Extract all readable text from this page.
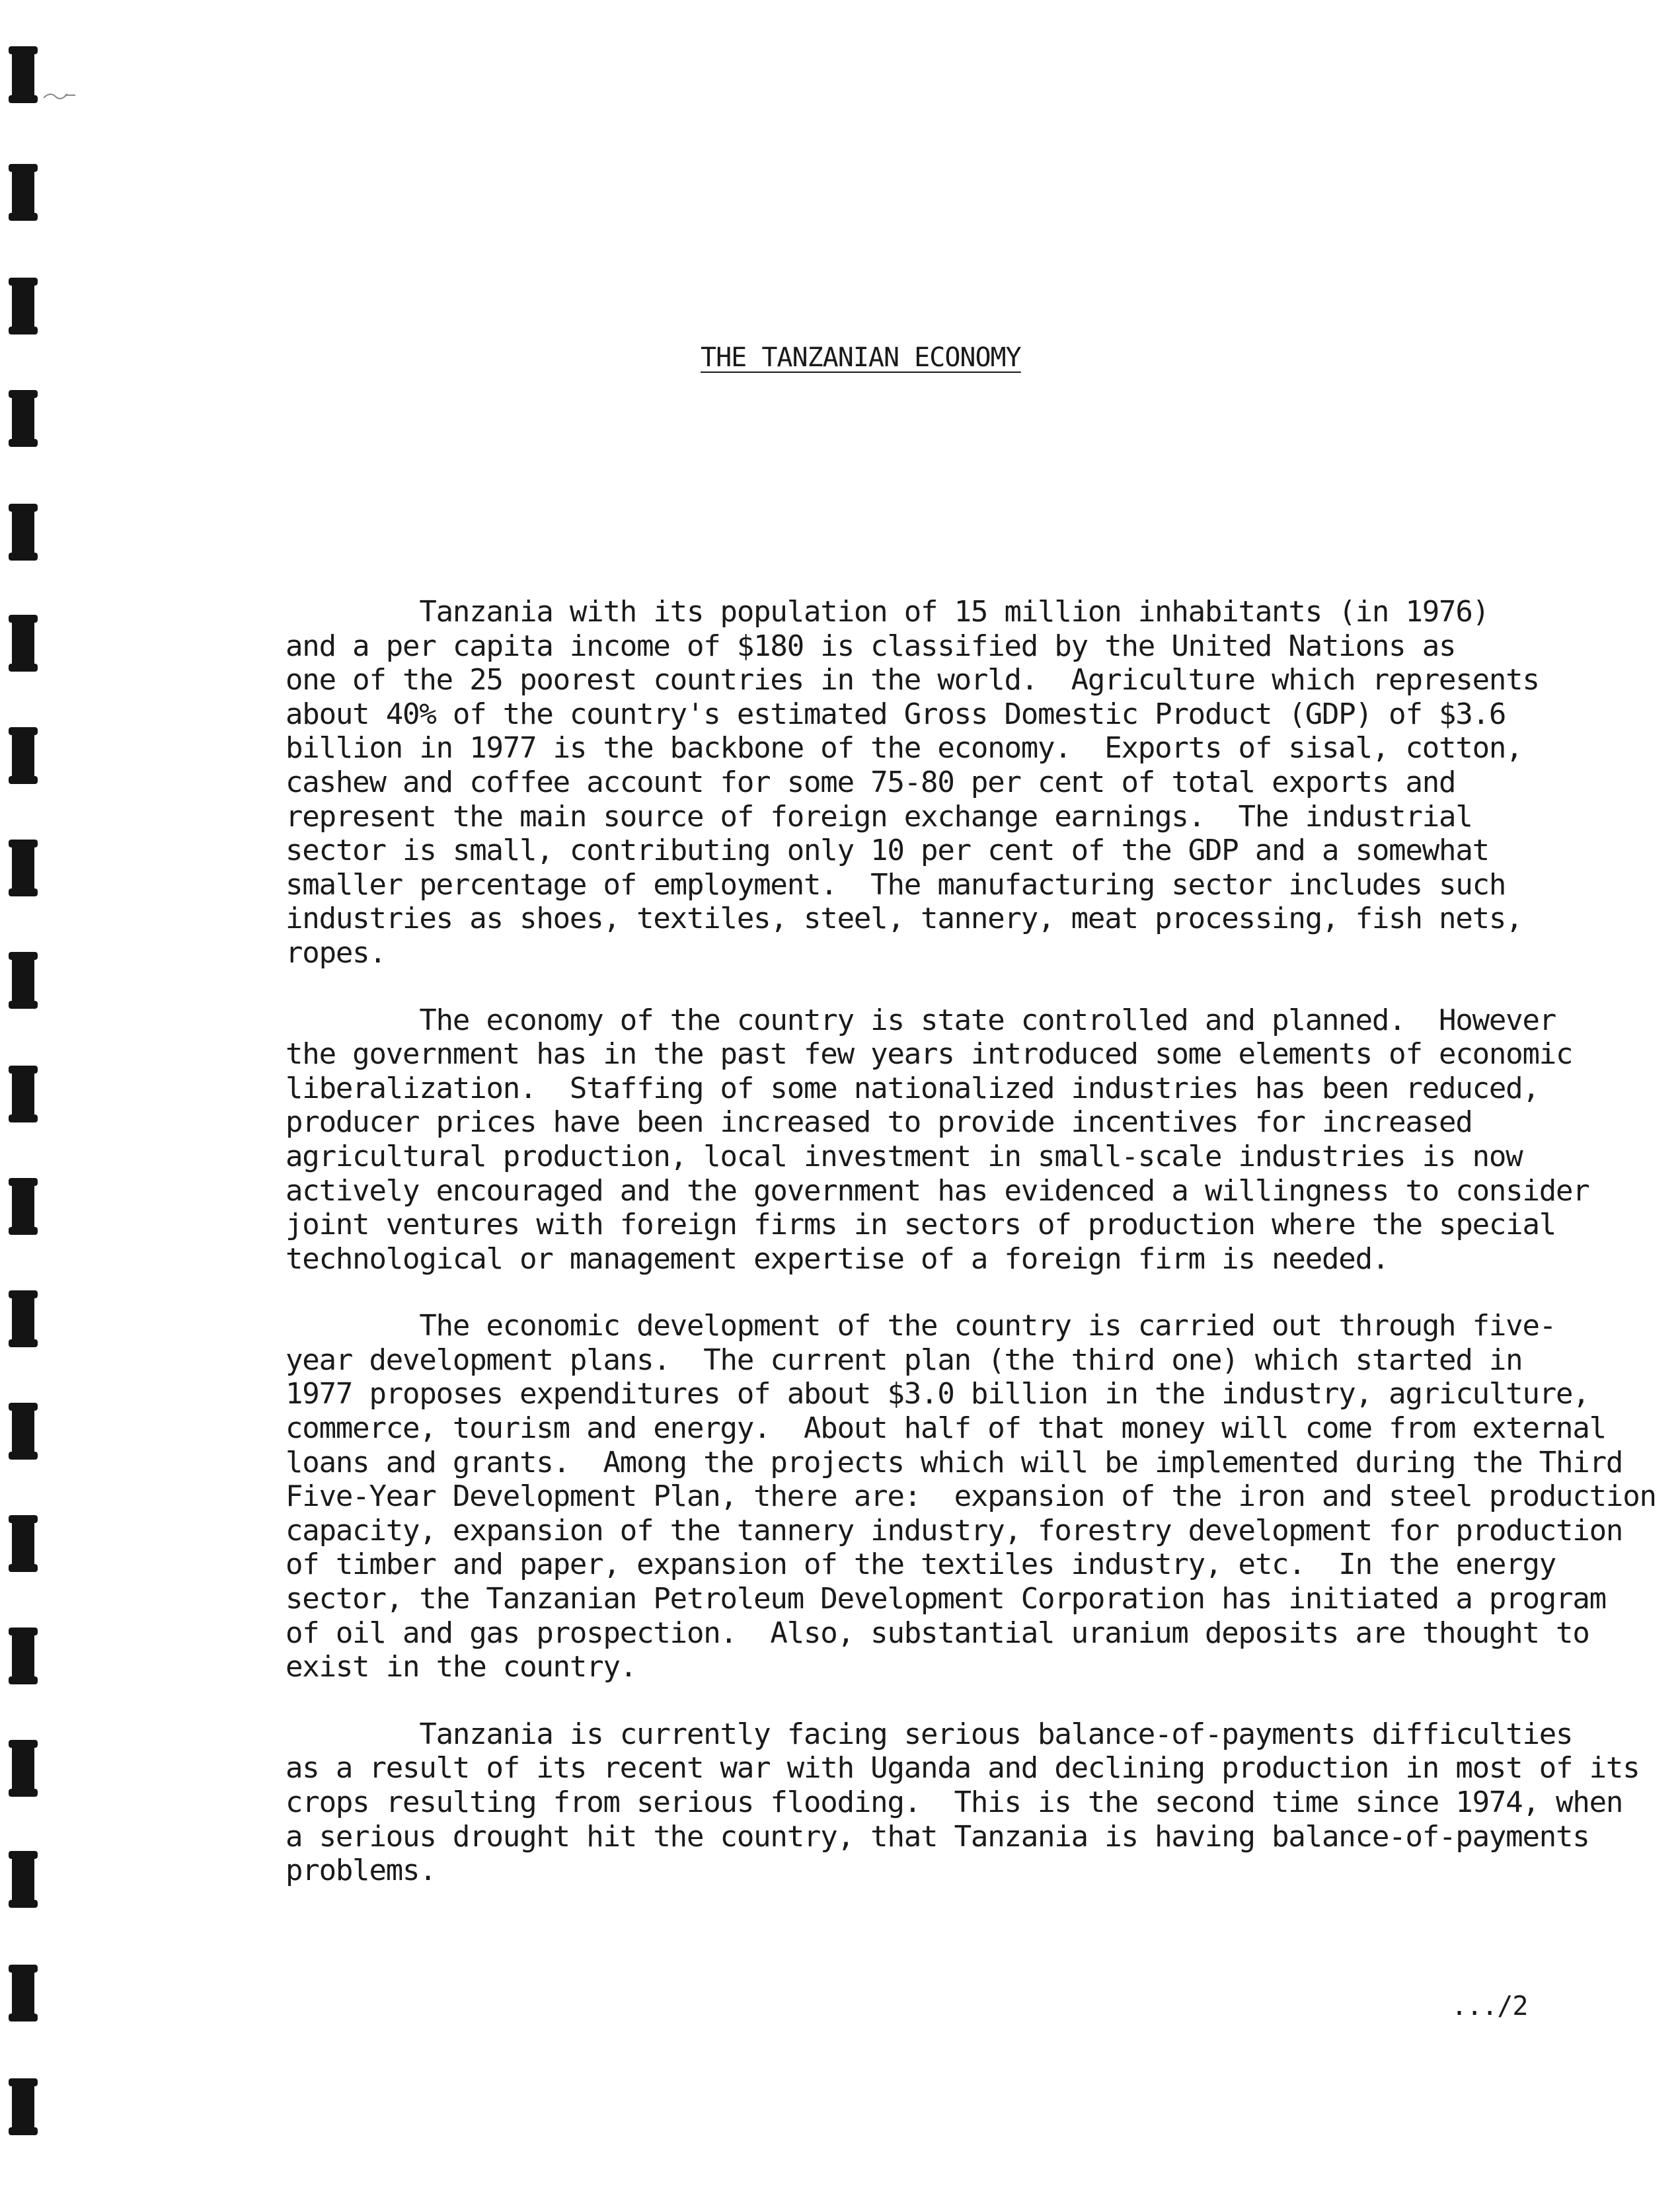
THE TANZANIAN ECONOMY
Tanzania with its population of 15 million inhabitants (in 1976)
and a per capita income of $180 is classified by the United Nations as
one of the 25 poorest countries in the world.  Agriculture which represents
about 40% of the country's estimated Gross Domestic Product (GDP) of $3.6
billion in 1977 is the backbone of the economy.  Exports of sisal, cotton,
cashew and coffee account for some 75-80 per cent of total exports and
represent the main source of foreign exchange earnings.  The industrial
sector is small, contributing only 10 per cent of the GDP and a somewhat
smaller percentage of employment.  The manufacturing sector includes such
industries as shoes, textiles, steel, tannery, meat processing, fish nets,
ropes.
The economy of the country is state controlled and planned.  However
the government has in the past few years introduced some elements of economic
liberalization.  Staffing of some nationalized industries has been reduced,
producer prices have been increased to provide incentives for increased
agricultural production, local investment in small-scale industries is now
actively encouraged and the government has evidenced a willingness to consider
joint ventures with foreign firms in sectors of production where the special
technological or management expertise of a foreign firm is needed.
The economic development of the country is carried out through five-
year development plans.  The current plan (the third one) which started in
1977 proposes expenditures of about $3.0 billion in the industry, agriculture,
commerce, tourism and energy.  About half of that money will come from external
loans and grants.  Among the projects which will be implemented during the Third
Five-Year Development Plan, there are:  expansion of the iron and steel production
capacity, expansion of the tannery industry, forestry development for production
of timber and paper, expansion of the textiles industry, etc.  In the energy
sector, the Tanzanian Petroleum Development Corporation has initiated a program
of oil and gas prospection.  Also, substantial uranium deposits are thought to
exist in the country.
Tanzania is currently facing serious balance-of-payments difficulties
as a result of its recent war with Uganda and declining production in most of its
crops resulting from serious flooding.  This is the second time since 1974, when
a serious drought hit the country, that Tanzania is having balance-of-payments
problems.
.../2
